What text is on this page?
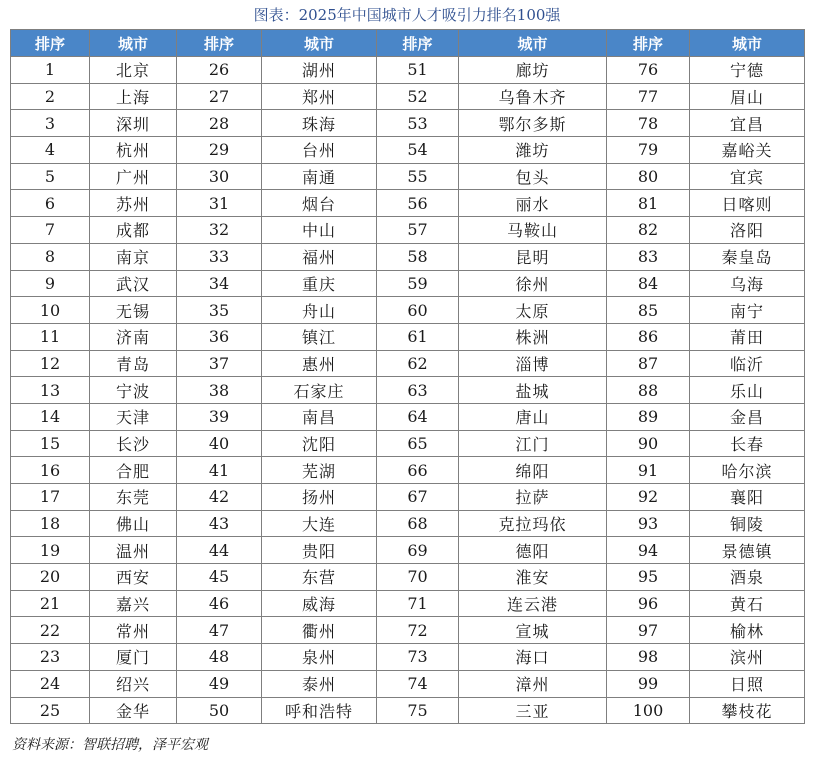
图表：2025年中国城市人才吸引力排名100强
排序	城市	排序	城市	排序	城市	排序	城市
1	北京	26	湖州	51	廊坊	76	宁德
2	上海	27	郑州	52	乌鲁木齐	77	眉山
3	深圳	28	珠海	53	鄂尔多斯	78	宜昌
4	杭州	29	台州	54	潍坊	79	嘉峪关
5	广州	30	南通	55	包头	80	宜宾
6	苏州	31	烟台	56	丽水	81	日喀则
7	成都	32	中山	57	马鞍山	82	洛阳
8	南京	33	福州	58	昆明	83	秦皇岛
9	武汉	34	重庆	59	徐州	84	乌海
10	无锡	35	舟山	60	太原	85	南宁
11	济南	36	镇江	61	株洲	86	莆田
12	青岛	37	惠州	62	淄博	87	临沂
13	宁波	38	石家庄	63	盐城	88	乐山
14	天津	39	南昌	64	唐山	89	金昌
15	长沙	40	沈阳	65	江门	90	长春
16	合肥	41	芜湖	66	绵阳	91	哈尔滨
17	东莞	42	扬州	67	拉萨	92	襄阳
18	佛山	43	大连	68	克拉玛依	93	铜陵
19	温州	44	贵阳	69	德阳	94	景德镇
20	西安	45	东营	70	淮安	95	酒泉
21	嘉兴	46	威海	71	连云港	96	黄石
22	常州	47	衢州	72	宣城	97	榆林
23	厦门	48	泉州	73	海口	98	滨州
24	绍兴	49	泰州	74	漳州	99	日照
25	金华	50	呼和浩特	75	三亚	100	攀枝花
资料来源：智联招聘，泽平宏观
